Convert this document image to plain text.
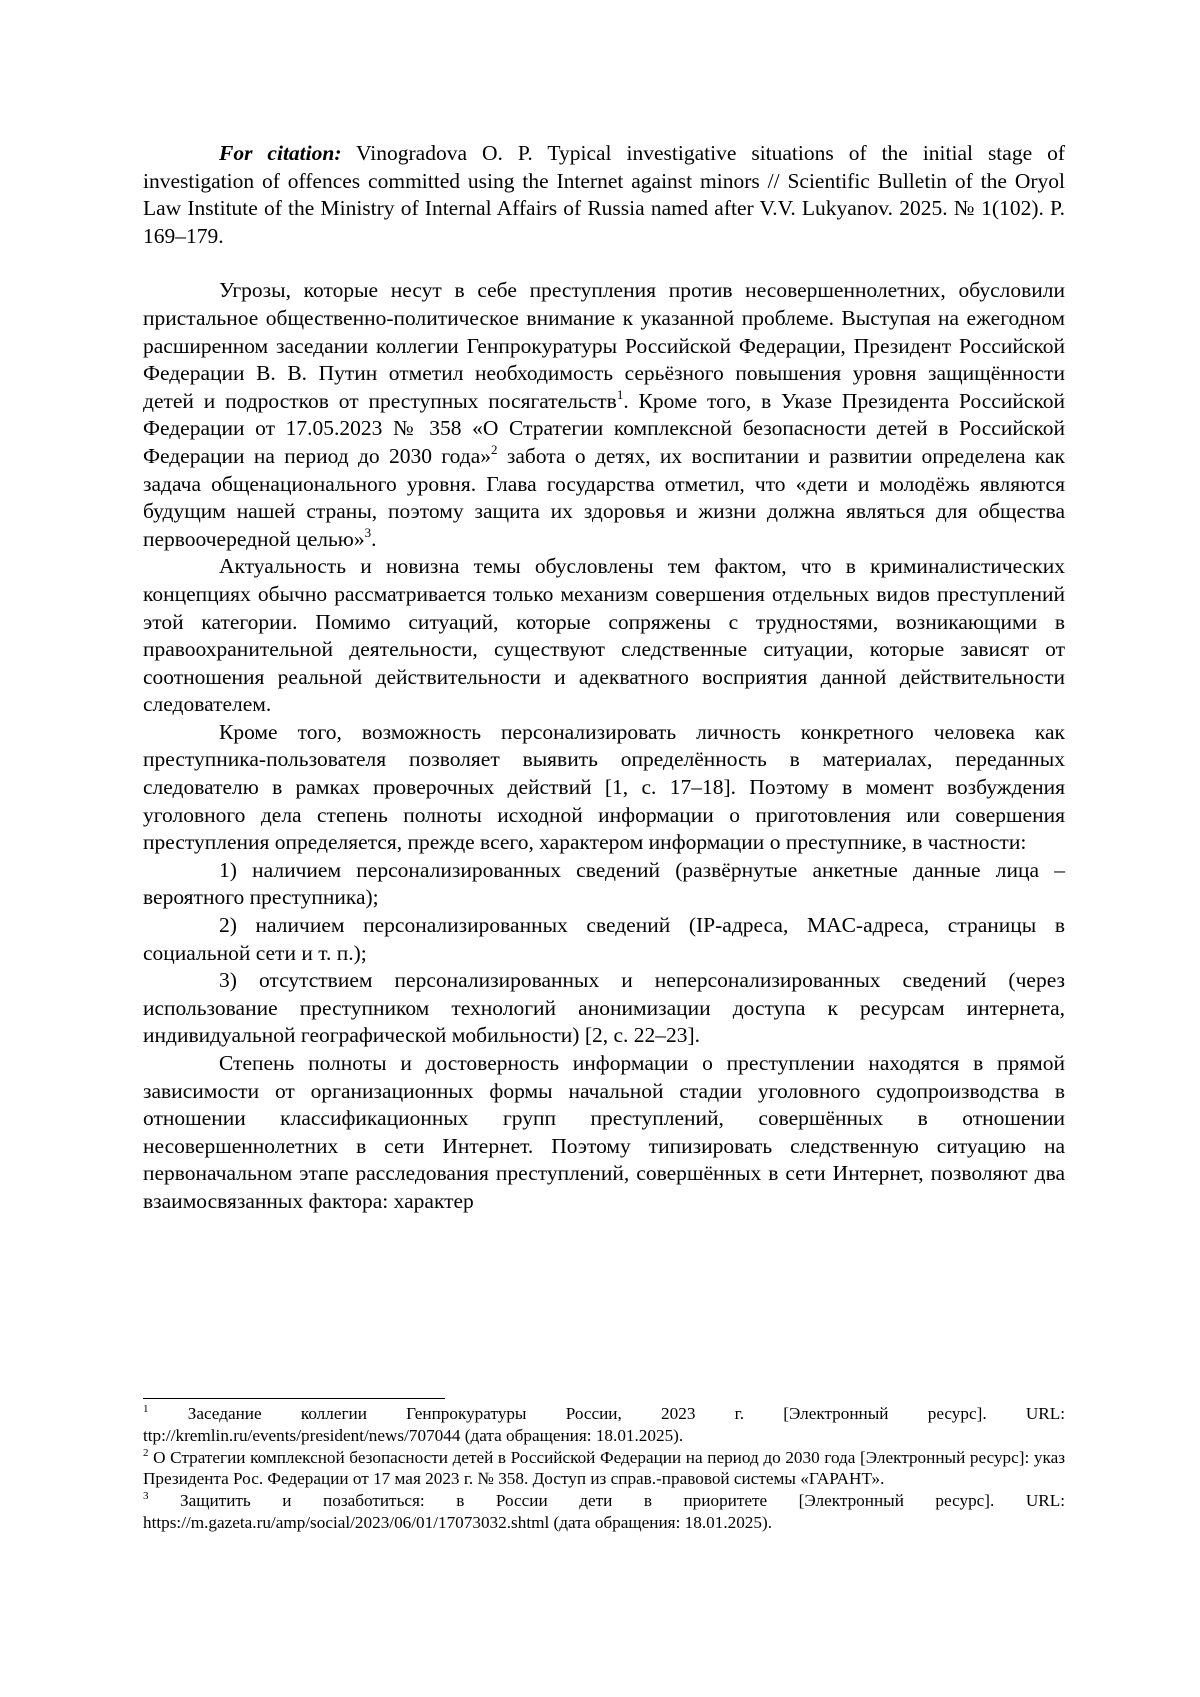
For citation: Vinogradova O. P. Typical investigative situations of the initial stage of investigation of offences committed using the Internet against minors // Scientific Bulletin of the Oryol Law Institute of the Ministry of Internal Affairs of Russia named after V.V. Lukyanov. 2025. № 1(102). P. 169–179.

Угрозы, которые несут в себе преступления против несовершеннолетних, обусловили пристальное общественно-политическое внимание к указанной проблеме. Выступая на ежегодном расширенном заседании коллегии Генпрокуратуры Российской Федерации, Президент Российской Федерации В. В. Путин отметил необходимость серьёзного повышения уровня защищённости детей и подростков от преступных посягательств$^1$. Кроме того, в Указе Президента Российской Федерации от 17.05.2023 № 358 «О Стратегии комплексной безопасности детей в Российской Федерации на период до 2030 года»$^2$ забота о детях, их воспитании и развитии определена как задача общенационального уровня. Глава государства отметил, что «дети и молодёжь являются будущим нашей страны, поэтому защита их здоровья и жизни должна являться для общества первоочередной целью»$^3$.

Актуальность и новизна темы обусловлены тем фактом, что в криминалистических концепциях обычно рассматривается только механизм совершения отдельных видов преступлений этой категории. Помимо ситуаций, которые сопряжены с трудностями, возникающими в правоохранительной деятельности, существуют следственные ситуации, которые зависят от соотношения реальной действительности и адекватного восприятия данной действительности следователем.

Кроме того, возможность персонализировать личность конкретного человека как преступника-пользователя позволяет выявить определённость в материалах, переданных следователю в рамках проверочных действий [1, с. 17–18]. Поэтому в момент возбуждения уголовного дела степень полноты исходной информации о приготовления или совершения преступления определяется, прежде всего, характером информации о преступнике, в частности:

1) наличием персонализированных сведений (развёрнутые анкетные данные лица – вероятного преступника);

2) наличием персонализированных сведений (IP-адреса, MAC-адреса, страницы в социальной сети и т. п.);

3) отсутствием персонализированных и неперсонализированных сведений (через использование преступником технологий анонимизации доступа к ресурсам интернета, индивидуальной географической мобильности) [2, с. 22–23].

Степень полноты и достоверность информации о преступлении находятся в прямой зависимости от организационных формы начальной стадии уголовного судопроизводства в отношении классификационных групп преступлений, совершённых в отношении несовершеннолетних в сети Интернет. Поэтому типизировать следственную ситуацию на первоначальном этапе расследования преступлений, совершённых в сети Интернет, позволяют два взаимосвязанных фактора: характер

$^1$ Заседание коллегии Генпрокуратуры России, 2023 г. [Электронный ресурс]. URL: ttp://kremlin.ru/events/president/news/707044 (дата обращения: 18.01.2025).

$^2$ О Стратегии комплексной безопасности детей в Российской Федерации на период до 2030 года [Электронный ресурс]: указ Президента Рос. Федерации от 17 мая 2023 г. № 358. Доступ из справ.-правовой системы «ГАРАНТ».

$^3$ Защитить и позаботиться: в России дети в приоритете [Электронный ресурс]. URL: https://m.gazeta.ru/amp/social/2023/06/01/17073032.shtml (дата обращения: 18.01.2025).
